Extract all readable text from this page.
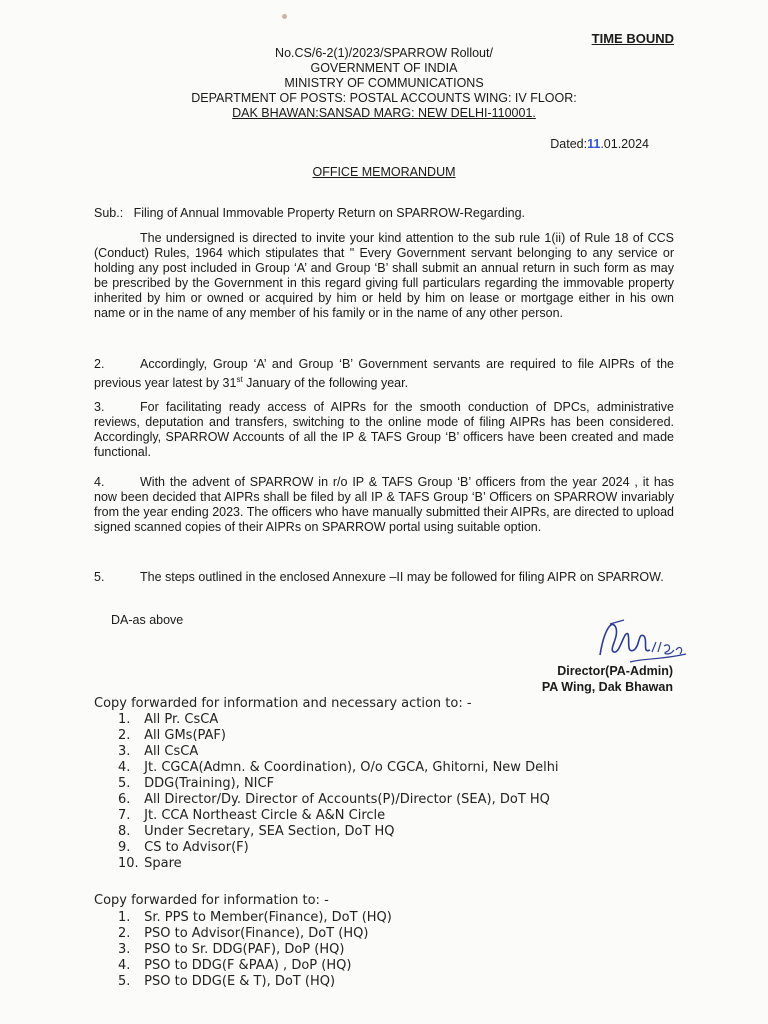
TIME BOUND
No.CS/6-2(1)/2023/SPARROW Rollout/
GOVERNMENT OF INDIA
MINISTRY OF COMMUNICATIONS
DEPARTMENT OF POSTS: POSTAL ACCOUNTS WING: IV FLOOR:
DAK BHAWAN:SANSAD MARG: NEW DELHI-110001.
Dated:11.01.2024
OFFICE MEMORANDUM
Sub.: Filing of Annual Immovable Property Return on SPARROW-Regarding.
The undersigned is directed to invite your kind attention to the sub rule 1(ii) of Rule 18 of CCS (Conduct) Rules, 1964 which stipulates that " Every Government servant belonging to any service or holding any post included in Group ‘A’ and Group ‘B’ shall submit an annual return in such form as may be prescribed by the Government in this regard giving full particulars regarding the immovable property inherited by him or owned or acquired by him or held by him on lease or mortgage either in his own name or in the name of any member of his family or in the name of any other person.
2.	Accordingly, Group ‘A’ and Group ‘B’ Government servants are required to file AIPRs of the previous year latest by 31st January of the following year.
3.	For facilitating ready access of AIPRs for the smooth conduction of DPCs, administrative reviews, deputation and transfers, switching to the online mode of filing AIPRs has been considered. Accordingly, SPARROW Accounts of all the IP & TAFS Group ‘B’ officers have been created and made functional.
4.	With the advent of SPARROW in r/o IP & TAFS Group ‘B’ officers from the year 2024 , it has now been decided that AIPRs shall be filed by all IP & TAFS Group ‘B’ Officers on SPARROW invariably from the year ending 2023. The officers who have manually submitted their AIPRs, are directed to upload signed scanned copies of their AIPRs on SPARROW portal using suitable option.
5.	The steps outlined in the enclosed Annexure –II may be followed for filing AIPR on SPARROW.
DA-as above
Director(PA-Admin)
PA Wing, Dak Bhawan
Copy forwarded for information and necessary action to: -
1. All Pr. CsCA
2. All GMs(PAF)
3. All CsCA
4. Jt. CGCA(Admn. & Coordination), O/o CGCA, Ghitorni, New Delhi
5. DDG(Training), NICF
6. All Director/Dy. Director of Accounts(P)/Director (SEA), DoT HQ
7. Jt. CCA Northeast Circle & A&N Circle
8. Under Secretary, SEA Section, DoT HQ
9. CS to Advisor(F)
10. Spare
Copy forwarded for information to: -
1. Sr. PPS to Member(Finance), DoT (HQ)
2. PSO to Advisor(Finance), DoT (HQ)
3. PSO to Sr. DDG(PAF), DoP (HQ)
4. PSO to DDG(F &PAA) , DoP (HQ)
5. PSO to DDG(E & T), DoT (HQ)
